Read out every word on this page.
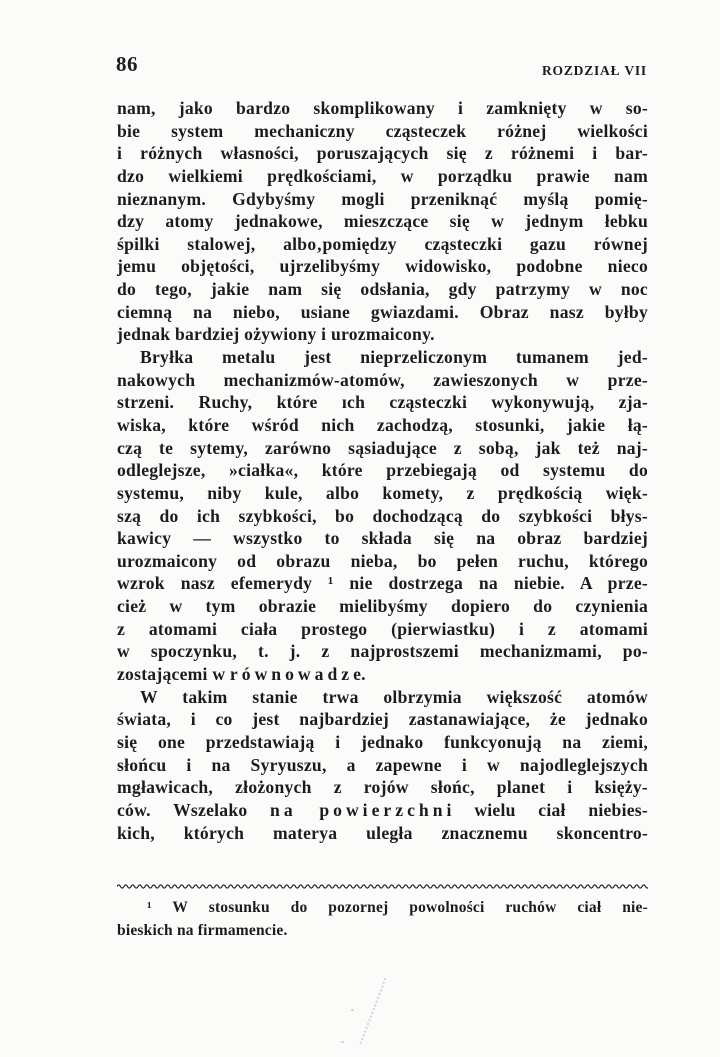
86	ROZDZIAŁ VII
nam, jako bardzo skomplikowany i zamknięty w so-
bie system mechaniczny cząsteczek różnej wielkości
i różnych własności, poruszających się z różnemi i bar-
dzo wielkiemi prędkościami, w porządku prawie nam
nieznanym. Gdybyśmy mogli przeniknąć myślą pomię-
dzy atomy jednakowe, mieszczące się w jednym łebku
śpilki stalowej, albo‚pomiędzy cząsteczki gazu równej
jemu objętości, ujrzelibyśmy widowisko, podobne nieco
do tego, jakie nam się odsłania, gdy patrzymy w noc
ciemną na niebo, usiane gwiazdami. Obraz nasz byłby
jednak bardziej ożywiony i urozmaicony.
Bryłka metalu jest nieprzeliczonym tumanem jed-
nakowych mechanizmów-atomów, zawieszonych w prze-
strzeni. Ruchy, które ıch cząsteczki wykonywują, zja-
wiska, które wśród nich zachodzą, stosunki, jakie łą-
czą te sytemy, zarówno sąsiadujące z sobą, jak też naj-
odleglejsze, »ciałka«, które przebiegają od systemu do
systemu, niby kule, albo komety, z prędkością więk-
szą do ich szybkości, bo dochodzącą do szybkości błys-
kawicy — wszystko to składa się na obraz bardziej
urozmaicony od obrazu nieba, bo pełen ruchu, którego
wzrok nasz efemerydy ¹ nie dostrzega na niebie. A prze-
cież w tym obrazie mielibyśmy dopiero do czynienia
z atomami ciała prostego (pierwiastku) i z atomami
w spoczynku, t. j. z najprostszemi mechanizmami, po-
zostającemi w r ó w n o w a d z e.
W takim stanie trwa olbrzymia większość atomów
świata, i co jest najbardziej zastanawiające, że jednako
się one przedstawiają i jednako funkcyonują na ziemi,
słońcu i na Syryuszu, a zapewne i w najodleglejszych
mgławicach, złożonych z rojów słońc, planet i księży-
ców. Wszelako n a  p o w i e r z c h n i wielu ciał niebies-
kich, których materya uległa znacznemu skoncentro-
¹ W stosunku do pozornej powolności ruchów ciał nie-
bieskich na firmamencie.
